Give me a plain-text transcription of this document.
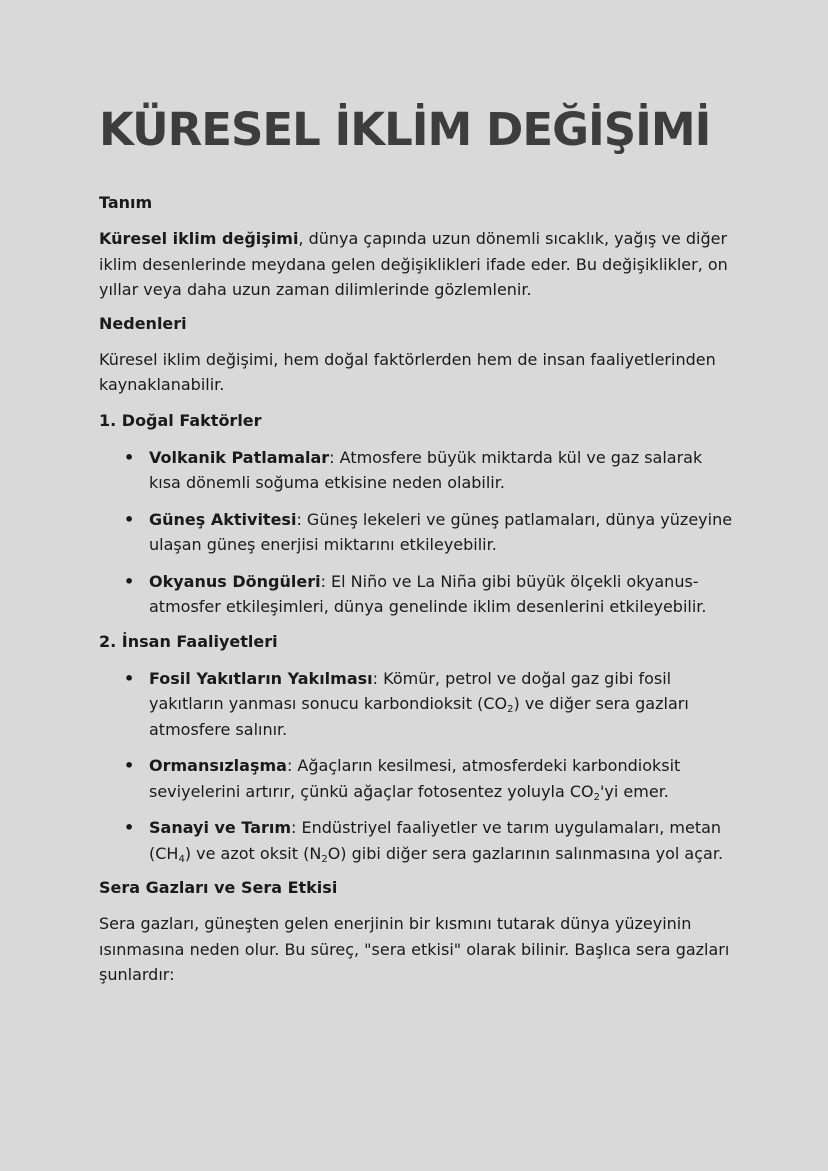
KÜRESEL İKLİM DEĞİŞİMİ
Tanım

Küresel iklim değişimi, dünya çapında uzun dönemli sıcaklık, yağış ve diğer iklim desenlerinde meydana gelen değişiklikleri ifade eder. Bu değişiklikler, on yıllar veya daha uzun zaman dilimlerinde gözlemlenir.

Nedenleri

Küresel iklim değişimi, hem doğal faktörlerden hem de insan faaliyetlerinden kaynaklanabilir.

1. Doğal Faktörler
• Volkanik Patlamalar: Atmosfere büyük miktarda kül ve gaz salarak kısa dönemli soğuma etkisine neden olabilir.
• Güneş Aktivitesi: Güneş lekeleri ve güneş patlamaları, dünya yüzeyine ulaşan güneş enerjisi miktarını etkileyebilir.
• Okyanus Döngüleri: El Niño ve La Niña gibi büyük ölçekli okyanus-atmosfer etkileşimleri, dünya genelinde iklim desenlerini etkileyebilir.
2. İnsan Faaliyetleri
• Fosil Yakıtların Yakılması: Kömür, petrol ve doğal gaz gibi fosil yakıtların yanması sonucu karbondioksit $(CO_2)$ ve diğer sera gazları atmosfere salınır.
• Ormansızlaşma: Ağaçların kesilmesi, atmosferdeki karbondioksit seviyelerini artırır, çünkü ağaçlar fotosentez yoluyla $CO_2'yi$ emer.
• Sanayi ve Tarım: Endüstriyel faaliyetler ve tarım uygulamaları, metan $(CH_4)$ ve azot oksit $(N_2O)$ gibi diğer sera gazlarının salınmasına yol açar.
Sera Gazları ve Sera Etkisi

Sera gazları, güneşten gelen enerjinin bir kısmını tutarak dünya yüzeyinin ısınmasına neden olur. Bu süreç, "sera etkisi" olarak bilinir. Başlıca sera gazları şunlardır:
